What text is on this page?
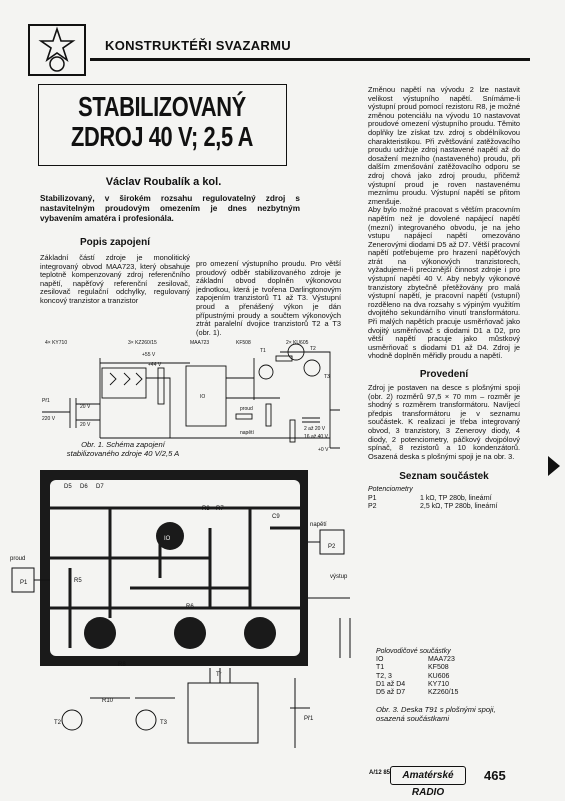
KONSTRUKTÉŘI SVAZARMU
STABILIZOVANÝ
ZDROJ 40 V; 2,5 A
Václav Roubalík a kol.
Stabilizovaný, v širokém rozsahu regulovatelný zdroj s nastavitelným proudovým omezením je dnes nezbytným vybavením amatéra i profesionála.
Popis zapojení
Základní částí zdroje je monolitický integrovaný obvod MAA723, který obsahuje teplotně kompenzovaný zdroj referenčního napětí, napěťový referenční zesilovač, zesilovač regulační odchylky, regulovaný koncový tranzistor a tranzistor
pro omezení výstupního proudu. Pro větší proudový odběr stabilizovaného zdroje je základní obvod doplněn výkonovou jednotkou, která je tvořena Darlingtonovým zapojením tranzistorů T1 až T3. Výstupní proud a přenášený výkon je dán přípustnými proudy a součtem výkonových ztrát paralelní dvojice tranzistorů T2 a T3 (obr. 1).
Změnou napětí na vývodu 2 lze nastavit velikost výstupního napětí. Snímáme-li výstupní proud pomocí rezistoru R8, je možné změnou potenciálu na vývodu 10 nastavovat proudové omezení výstupního proudu. Těmito doplňky lze získat tzv. zdroj s obdélníkovou charakteristikou. Při zvětšování zatěžovacího proudu udržuje zdroj nastavené napětí až do dosažení mezního (nastaveného) proudu, při dalším zmenšování zatěžovacího odporu se zdroj chová jako zdroj proudu, přičemž výstupní proud je roven nastavenému meznímu proudu. Výstupní napětí se přitom zmenšuje.
Aby bylo možné pracovat s větším pracovním napětím než je dovolené napájecí napětí (mezní) integrovaného obvodu, je na jeho vstupu napájecí napětí omezováno Zenerovými diodami D5 až D7. Větší pracovní napětí potřebujeme pro hrazení napěťových ztrát na výkonových tranzistorech, vyžadujeme-li preciznější činnost zdroje i pro výstupní napětí 40 V. Aby nebyly výkonové tranzistory zbytečně přetěžovány pro malá výstupní napětí, je pracovní napětí (vstupní) rozděleno na dva rozsahy s výpiným využitím dvojitého sekundárního vinutí transformátoru. Při malých napětích pracuje usměrňovač jako dvojitý usměrňovač s diodami D1 a D2, pro větší napětí pracuje jako můstkový usměrňovač s diodami D1 až D4. Zdroj je vhodně doplněn měřidly proudu a napětí.
Provedení
Zdroj je postaven na desce s plošnými spoji (obr. 2) rozměrů 97,5 × 70 mm – rozměr je shodný s rozměrem transformátoru. Navíjecí předpis transformátoru je v seznamu součástek. K realizaci je třeba integrovaný obvod, 3 tranzistory, 3 Zenerovy diody, 4 diody, 2 potenciometry, páčkový dvojpólový spínač, 8 rezistorů a 10 kondenzátorů. Osazená deska s plošnými spoji je na obr. 3.
Seznam součástek
Potenciometry
P1	1 kΩ, TP 280b, lineární
P2	2,5 kΩ, TP 280b, lineární
4× KY710	3× KZ260/15	MAA723	KF508	2× KU605
+55 V
+44 V
IO
T1	T2
T3
Př1
220 V
20 V
20 V
2 až 20 V
16 až 40 V
+0 V
proud
napětí
Obr. 1. Schéma zapojení stabilizovaného zdroje 40 V/2,5 A
D5 D6 D7
R3 R7
C9
IO
R5
R6
R8
R10
T2	T3
Tr
P1
P2
proud
napětí
výstup
Př1
Polovodičové součástky
IO	MAA723
T1	KF508
T2, 3	KU606
D1 až D4	KY710
D5 až D7	KZ260/15
Obr. 3. Deska T91 s plošnými spoji, osazená součástkami
A/12 85	Amatérské RADIO
465
